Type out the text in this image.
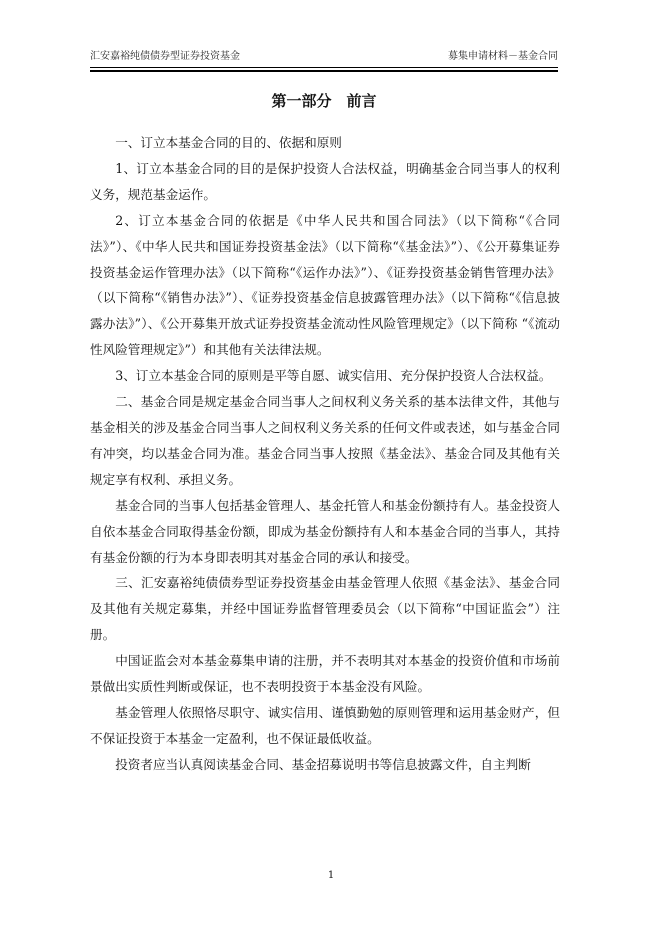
汇安嘉裕纯债债券型证券投资基金	募集申请材料－基金合同
第一部分　前言

一、订立本基金合同的目的、依据和原则

1、订立本基金合同的目的是保护投资人合法权益，明确基金合同当事人的权利义务，规范基金运作。

2、订立本基金合同的依据是《中华人民共和国合同法》（以下简称“《合同法》”）、《中华人民共和国证券投资基金法》（以下简称“《基金法》”）、《公开募集证券投资基金运作管理办法》（以下简称“《运作办法》”）、《证券投资基金销售管理办法》（以下简称“《销售办法》”）、《证券投资基金信息披露管理办法》（以下简称“《信息披露办法》”）、《公开募集开放式证券投资基金流动性风险管理规定》（以下简称 “《流动性风险管理规定》”）和其他有关法律法规。

3、订立本基金合同的原则是平等自愿、诚实信用、充分保护投资人合法权益。

二、基金合同是规定基金合同当事人之间权利义务关系的基本法律文件，其他与基金相关的涉及基金合同当事人之间权利义务关系的任何文件或表述，如与基金合同有冲突，均以基金合同为准。基金合同当事人按照《基金法》、基金合同及其他有关规定享有权利、承担义务。

基金合同的当事人包括基金管理人、基金托管人和基金份额持有人。基金投资人自依本基金合同取得基金份额，即成为基金份额持有人和本基金合同的当事人，其持有基金份额的行为本身即表明其对基金合同的承认和接受。

三、汇安嘉裕纯债债券型证券投资基金由基金管理人依照《基金法》、基金合同及其他有关规定募集，并经中国证券监督管理委员会（以下简称“中国证监会”）注册。

中国证监会对本基金募集申请的注册，并不表明其对本基金的投资价值和市场前景做出实质性判断或保证，也不表明投资于本基金没有风险。

基金管理人依照恪尽职守、诚实信用、谨慎勤勉的原则管理和运用基金财产，但不保证投资于本基金一定盈利，也不保证最低收益。

投资者应当认真阅读基金合同、基金招募说明书等信息披露文件，自主判断

1
